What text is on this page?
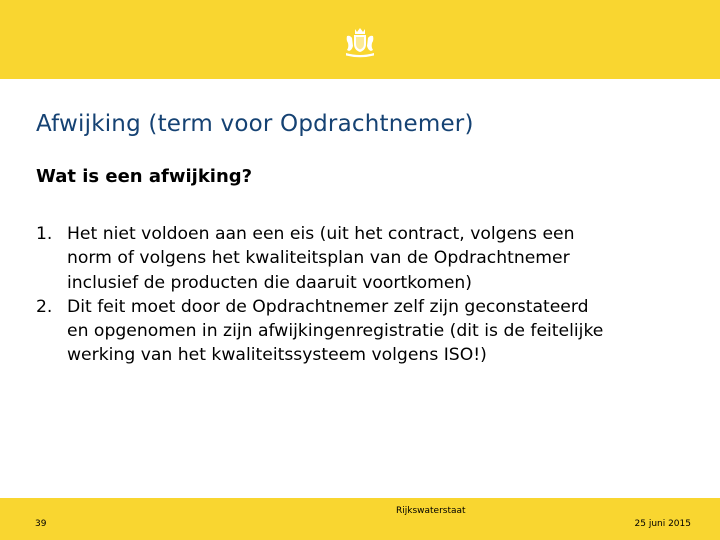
Afwijking (term voor Opdrachtnemer)
Wat is een afwijking?
1. Het niet voldoen aan een eis (uit het contract, volgens een
norm of volgens het kwaliteitsplan van de Opdrachtnemer
inclusief de producten die daaruit voortkomen)
2. Dit feit moet door de Opdrachtnemer zelf zijn geconstateerd
en opgenomen in zijn afwijkingenregistratie (dit is de feitelijke
werking van het kwaliteitssysteem volgens ISO!)
39
Rijkswaterstaat
25 juni 2015
